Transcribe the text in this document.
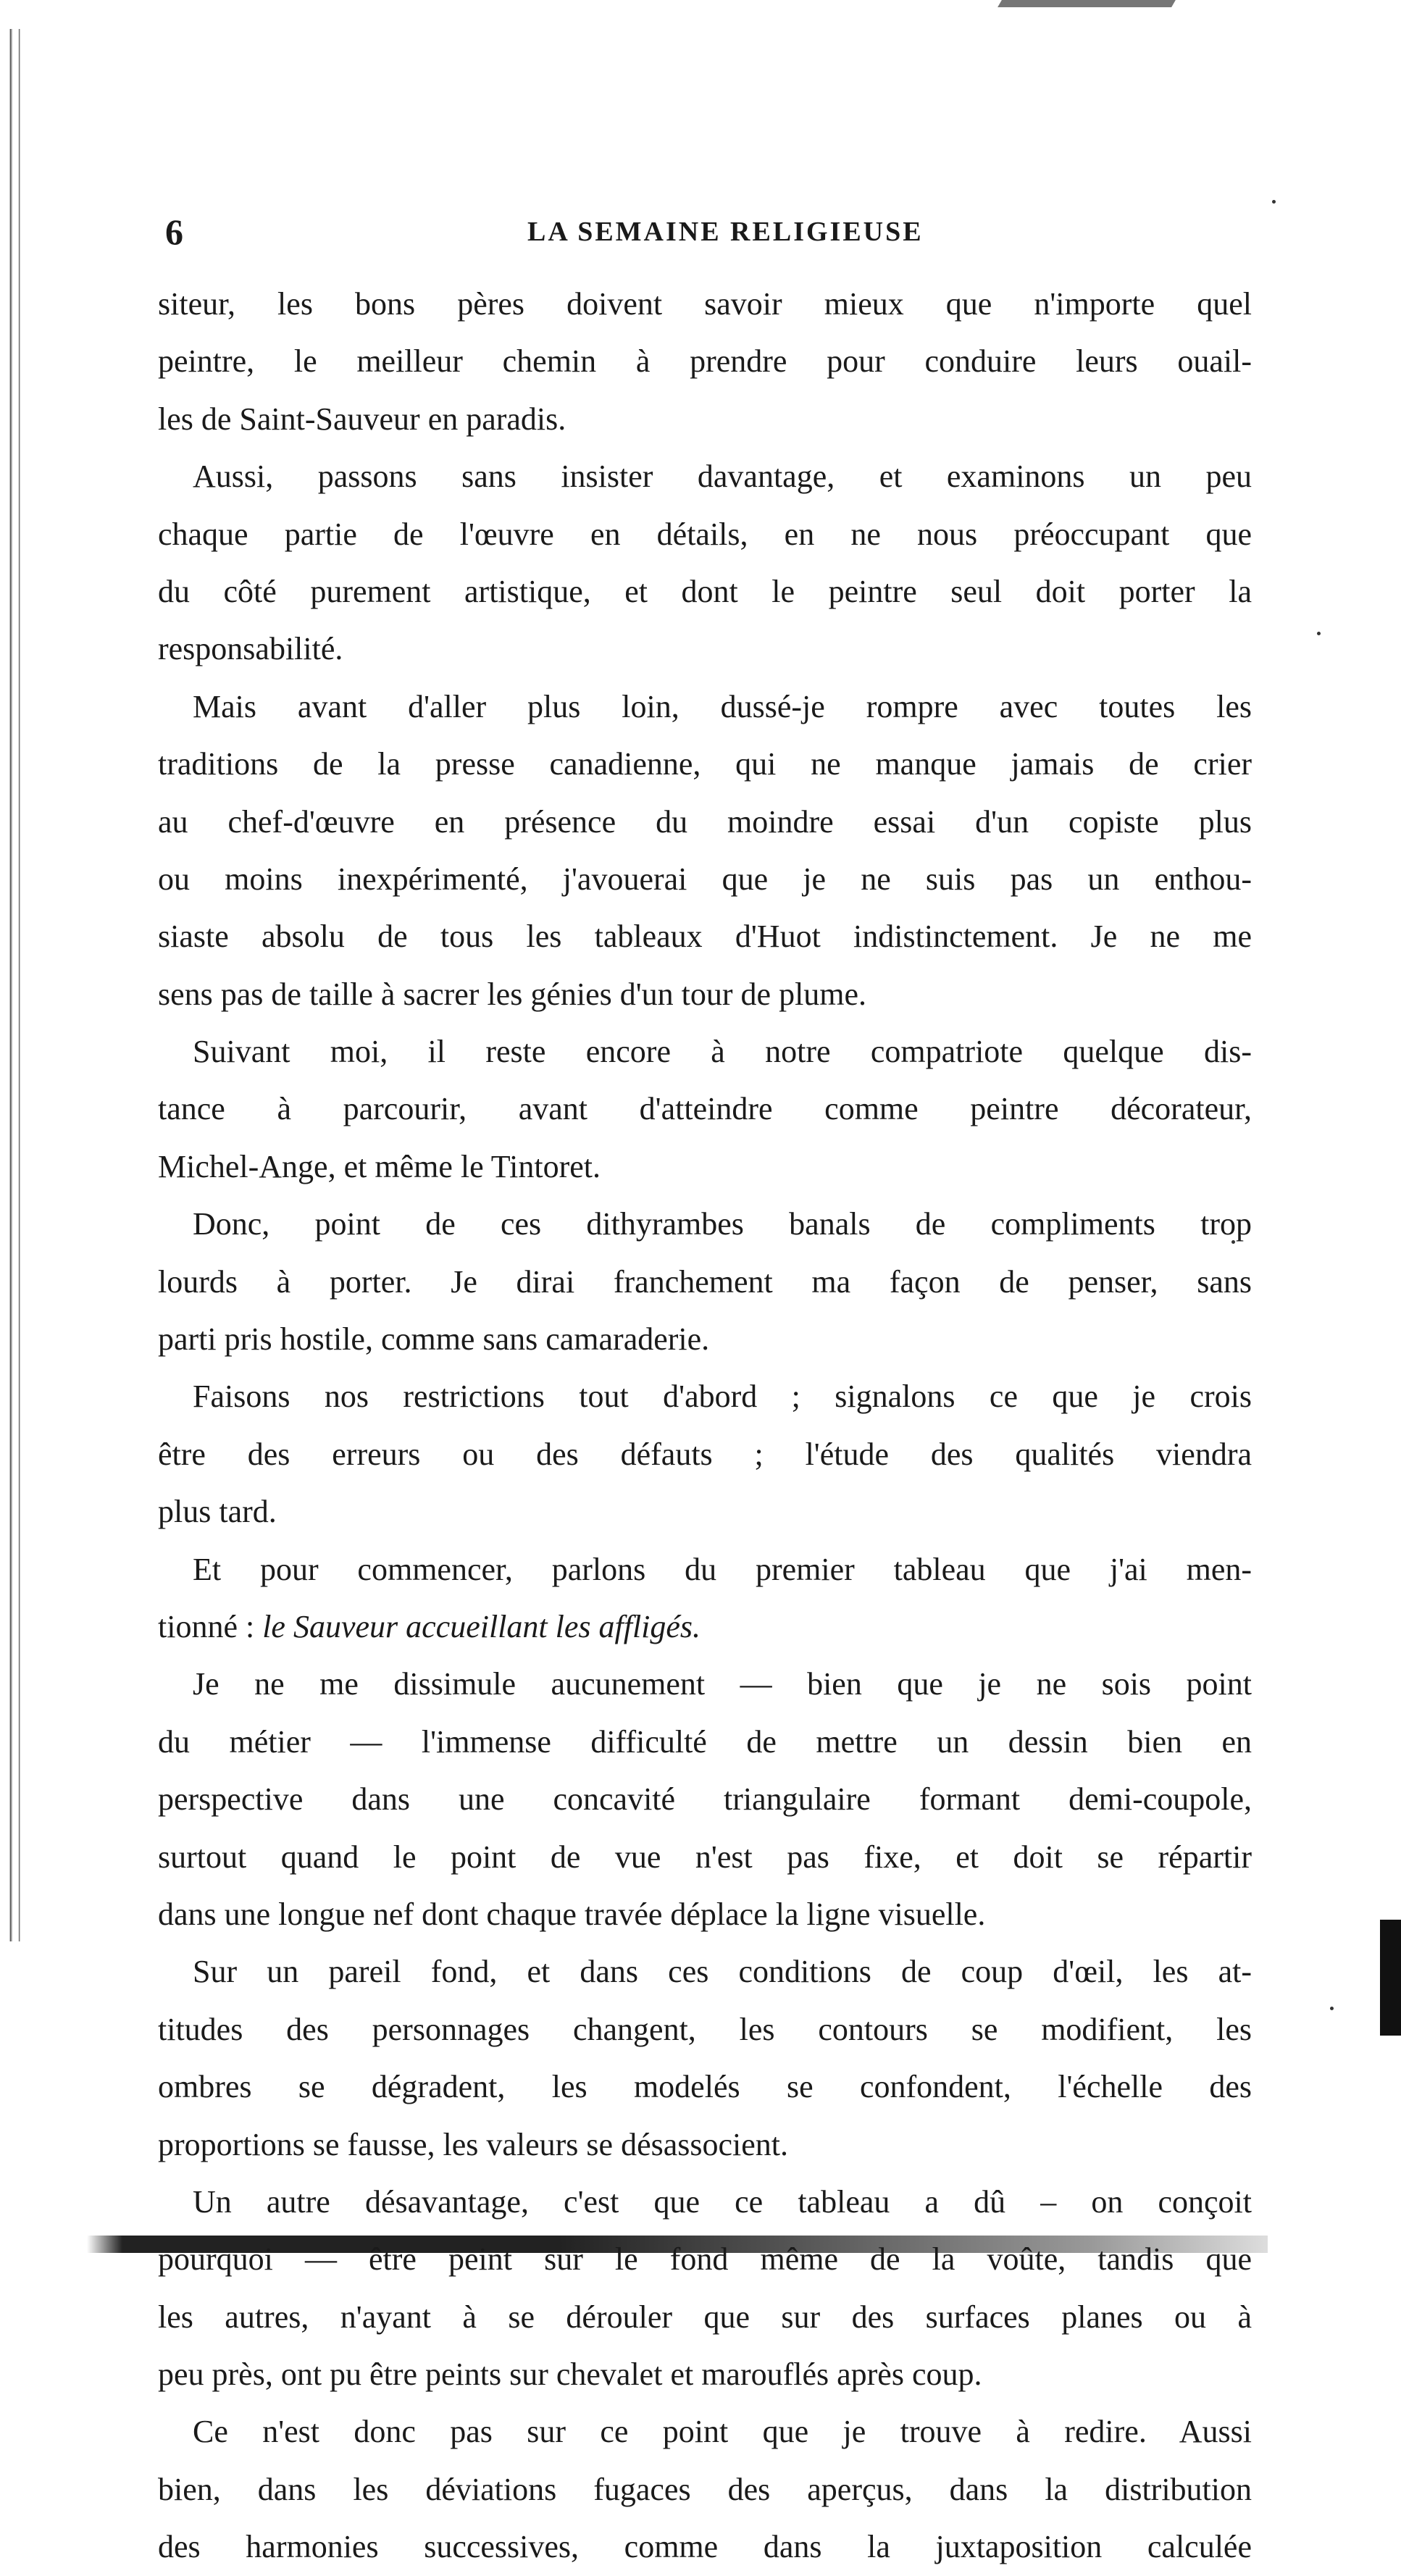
6	LA SEMAINE RELIGIEUSE
siteur, les bons pères doivent savoir mieux que n'importe quel
peintre, le meilleur chemin à prendre pour conduire leurs ouail-
les de Saint-Sauveur en paradis.
Aussi, passons sans insister davantage, et examinons un peu
chaque partie de l'œuvre en détails, en ne nous préoccupant que
du côté purement artistique, et dont le peintre seul doit porter la
responsabilité.
Mais avant d'aller plus loin, dussé-je rompre avec toutes les
traditions de la presse canadienne, qui ne manque jamais de crier
au chef-d'œuvre en présence du moindre essai d'un copiste plus
ou moins inexpérimenté, j'avouerai que je ne suis pas un enthou-
siaste absolu de tous les tableaux d'Huot indistinctement. Je ne me
sens pas de taille à sacrer les génies d'un tour de plume.
Suivant moi, il reste encore à notre compatriote quelque dis-
tance à parcourir, avant d'atteindre comme peintre décorateur,
Michel-Ange, et même le Tintoret.
Donc, point de ces dithyrambes banals de compliments trop
lourds à porter. Je dirai franchement ma façon de penser, sans
parti pris hostile, comme sans camaraderie.
Faisons nos restrictions tout d'abord ; signalons ce que je crois
être des erreurs ou des défauts ; l'étude des qualités viendra
plus tard.
Et pour commencer, parlons du premier tableau que j'ai men-
tionné : le Sauveur accueillant les affligés.
Je ne me dissimule aucunement — bien que je ne sois point
du métier — l'immense difficulté de mettre un dessin bien en
perspective dans une concavité triangulaire formant demi-coupole,
surtout quand le point de vue n'est pas fixe, et doit se répartir
dans une longue nef dont chaque travée déplace la ligne visuelle.
Sur un pareil fond, et dans ces conditions de coup d'œil, les at-
titudes des personnages changent, les contours se modifient, les
ombres se dégradent, les modelés se confondent, l'échelle des
proportions se fausse, les valeurs se désassocient.
Un autre désavantage, c'est que ce tableau a dû – on conçoit
pourquoi — être peint sur le fond même de la voûte, tandis que
les autres, n'ayant à se dérouler que sur des surfaces planes ou à
peu près, ont pu être peints sur chevalet et marouflés après coup.
Ce n'est donc pas sur ce point que je trouve à redire. Aussi
bien, dans les déviations fugaces des aperçus, dans la distribution
des harmonies successives, comme dans la juxtaposition calculée
